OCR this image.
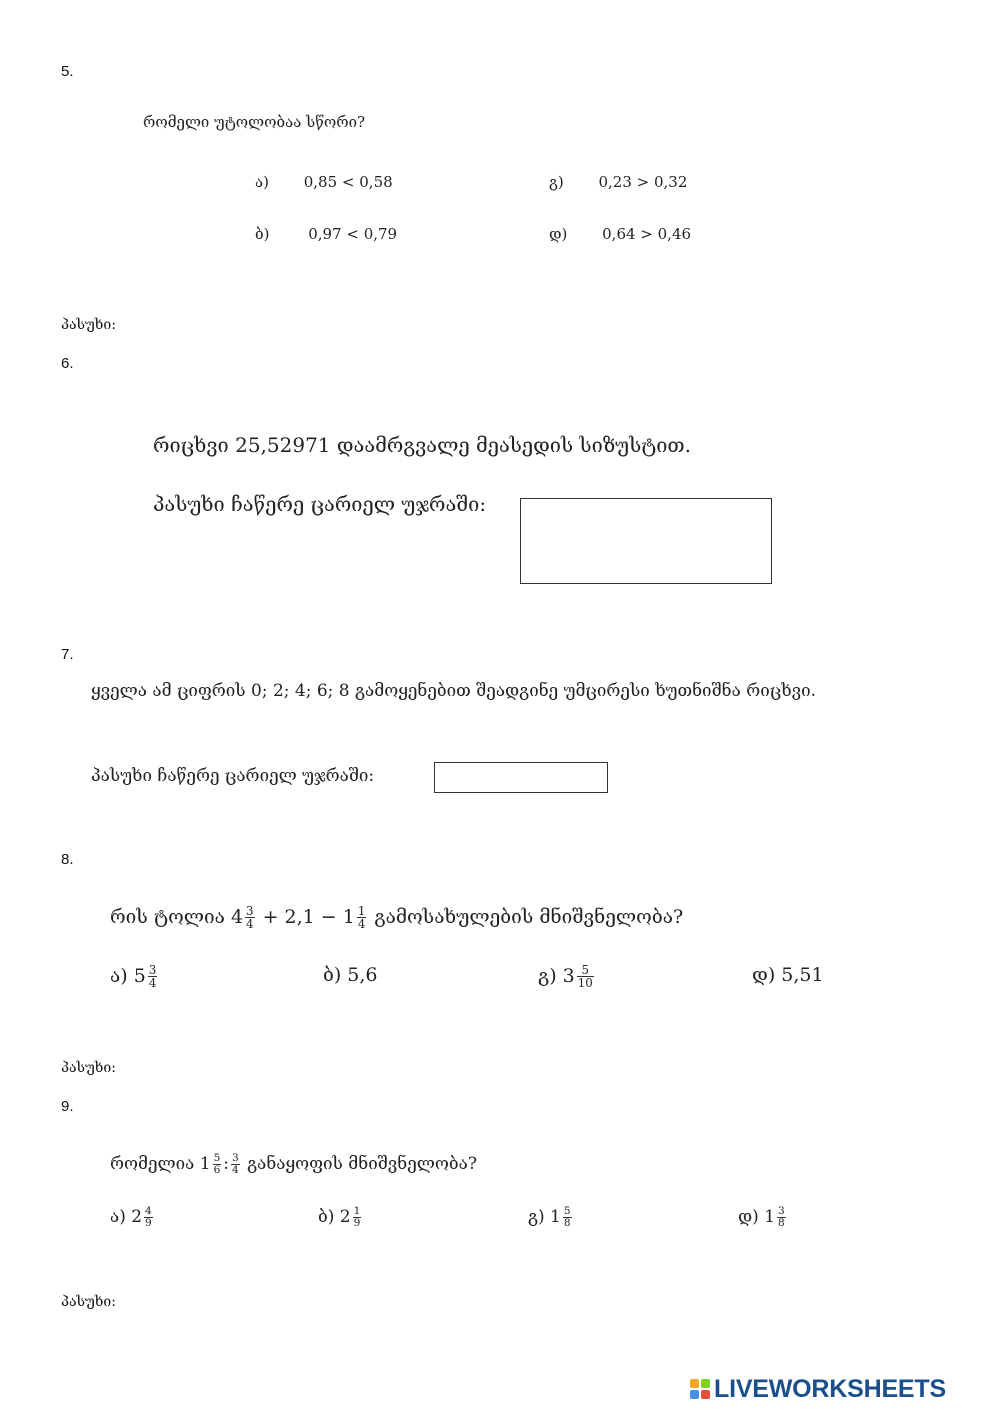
5.
რომელი უტოლობაა სწორი?
ა) 0,85 < 0,58
ბ)	0,97 < 0,79
გ) 0,23 > 0,32
დ) 0,64 > 0,46
პასუხი:
6.
რიცხვი 25,52971 დაამრგვალე მეასედის სიზუსტით.
პასუხი ჩაწერე ცარიელ უჯრაში:
7.
ყველა ამ ციფრის 0; 2; 4; 6; 8 გამოყენებით შეადგინე უმცირესი ხუთნიშნა რიცხვი.
პასუხი ჩაწერე ცარიელ უჯრაში:
8.
რის ტოლია $4 \frac{3}{4} + 2,1 - 1 \frac{1}{4}$ გამოსახულების მნიშვნელობა?
ა) $5 \frac{3}{4}$	ბ) 5,6	გ) $3 \frac{5}{10}$	დ) 5,51
პასუხი:
9.
რომელია $1 \frac{5}{6}$ : $\frac{3}{4}$ განაყოფის მნიშვნელობა?
ა) $2 \frac{4}{9}$	ბ) $2 \frac{1}{9}$	გ) $1 \frac{5}{8}$	დ) $1 \frac{3}{8}$
პასუხი:
LIVEWORKSHEETS
